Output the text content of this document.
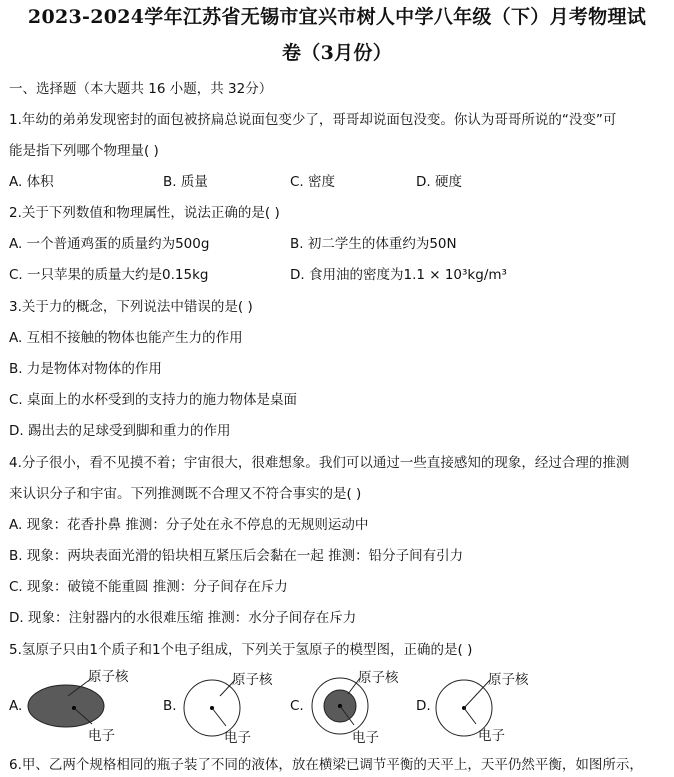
2023-2024学年江苏省无锡市宜兴市树人中学八年级（下）月考物理试
卷（3月份）
一、选择题（本大题共 16 小题，共 32分）
1.年幼的弟弟发现密封的面包被挤扁总说面包变少了，哥哥却说面包没变。你认为哥哥所说的“没变”可
能是指下列哪个物理量( )
A. 体积	B. 质量	C. 密度	D. 硬度
2.关于下列数值和物理属性，说法正确的是( )
A. 一个普通鸡蛋的质量约为500g	B. 初二学生的体重约为50N
C. 一只苹果的质量大约是0.15kg	D. 食用油的密度为1.1 × 10³kg/m³
3.关于力的概念，下列说法中错误的是( )
A. 互相不接触的物体也能产生力的作用
B. 力是物体对物体的作用
C. 桌面上的水杯受到的支持力的施力物体是桌面
D. 踢出去的足球受到脚和重力的作用
4.分子很小，看不见摸不着；宇宙很大，很难想象。我们可以通过一些直接感知的现象，经过合理的推测
来认识分子和宇宙。下列推测既不合理又不符合事实的是( )
A. 现象：花香扑鼻 推测：分子处在永不停息的无规则运动中
B. 现象：两块表面光滑的铅块相互紧压后会黏在一起 推测：铅分子间有引力
C. 现象：破镜不能重圆 推测：分子间存在斥力
D. 现象：注射器内的水很难压缩 推测：水分子间存在斥力
5.氢原子只由1个质子和1个电子组成，下列关于氢原子的模型图，正确的是( )
A.
原子核
电子
B.
原子核
电子
C.
原子核
电子
D.
原子核
电子
6.甲、乙两个规格相同的瓶子装了不同的液体，放在横梁已调节平衡的天平上，天平仍然平衡，如图所示，
